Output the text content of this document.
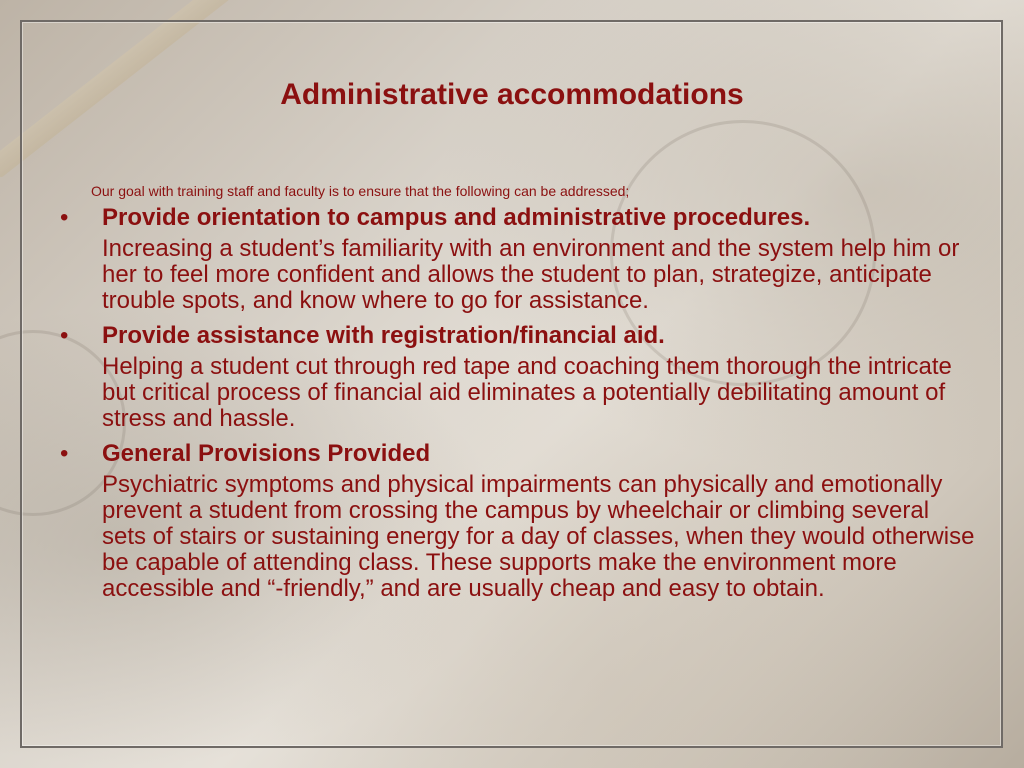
Administrative accommodations

Our goal with training staff and faculty is to ensure that the following can be addressed;

• Provide orientation to campus and administrative procedures.
Increasing a student’s familiarity with an environment and the system help him or her to feel more confident and allows the student to plan, strategize, anticipate trouble spots, and know where to go for assistance.
• Provide assistance with registration/financial aid.
Helping a student cut through red tape and coaching them thorough the intricate but critical process of financial aid eliminates a potentially debilitating amount of stress and hassle.
• General Provisions Provided
Psychiatric symptoms and physical impairments can physically and emotionally prevent a student from crossing the campus by wheelchair or climbing several sets of stairs or sustaining energy for a day of classes, when they would otherwise be capable of attending class. These supports make the environment more accessible and “-friendly,” and are usually cheap and easy to obtain.
